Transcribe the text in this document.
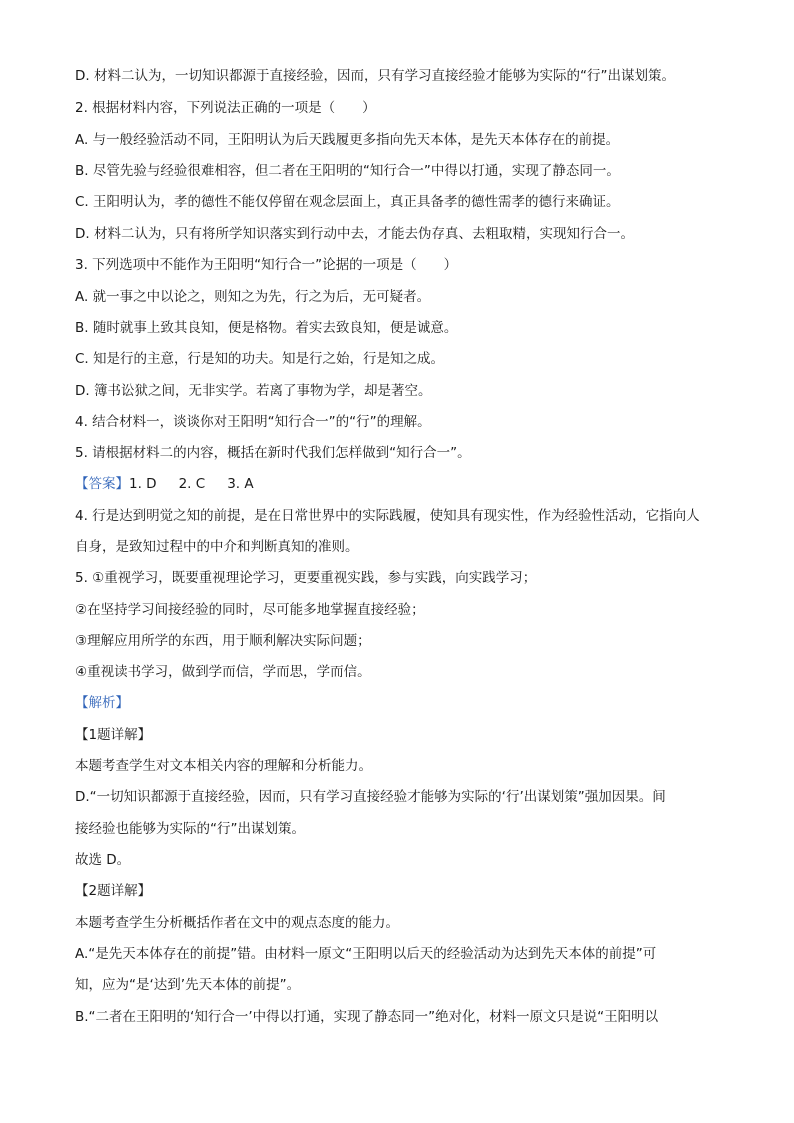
D. 材料二认为，一切知识都源于直接经验，因而，只有学习直接经验才能够为实际的“行”出谋划策。
2. 根据材料内容，下列说法正确的一项是（　　）
A. 与一般经验活动不同，王阳明认为后天践履更多指向先天本体，是先天本体存在的前提。
B. 尽管先验与经验很难相容，但二者在王阳明的“知行合一”中得以打通，实现了静态同一。
C. 王阳明认为，孝的德性不能仅停留在观念层面上，真正具备孝的德性需孝的德行来确证。
D. 材料二认为，只有将所学知识落实到行动中去，才能去伪存真、去粗取精，实现知行合一。
3. 下列选项中不能作为王阳明“知行合一”论据的一项是（　　）
A. 就一事之中以论之，则知之为先，行之为后，无可疑者。
B. 随时就事上致其良知，便是格物。着实去致良知，便是诚意。
C. 知是行的主意，行是知的功夫。知是行之始，行是知之成。
D. 簿书讼狱之间，无非实学。若离了事物为学，却是著空。
4. 结合材料一，谈谈你对王阳明“知行合一”的“行”的理解。
5. 请根据材料二的内容，概括在新时代我们怎样做到“知行合一”。
【答案】1. D 2. C 3. A
4. 行是达到明觉之知的前提，是在日常世界中的实际践履，使知具有现实性，作为经验性活动，它指向人
自身，是致知过程中的中介和判断真知的准则。
5. ①重视学习，既要重视理论学习，更要重视实践，参与实践，向实践学习；
②在坚持学习间接经验的同时，尽可能多地掌握直接经验；
③理解应用所学的东西，用于顺利解决实际问题；
④重视读书学习，做到学而信，学而思，学而信。
【解析】
【1题详解】
本题考查学生对文本相关内容的理解和分析能力。
D.“一切知识都源于直接经验，因而，只有学习直接经验才能够为实际的‘行’出谋划策”强加因果。间
接经验也能够为实际的“行”出谋划策。
故选 D。
【2题详解】
本题考查学生分析概括作者在文中的观点态度的能力。
A.“是先天本体存在的前提”错。由材料一原文“王阳明以后天的经验活动为达到先天本体的前提”可
知，应为“是‘达到’先天本体的前提”。
B.“二者在王阳明的‘知行合一’中得以打通，实现了静态同一”绝对化，材料一原文只是说“王阳明以
